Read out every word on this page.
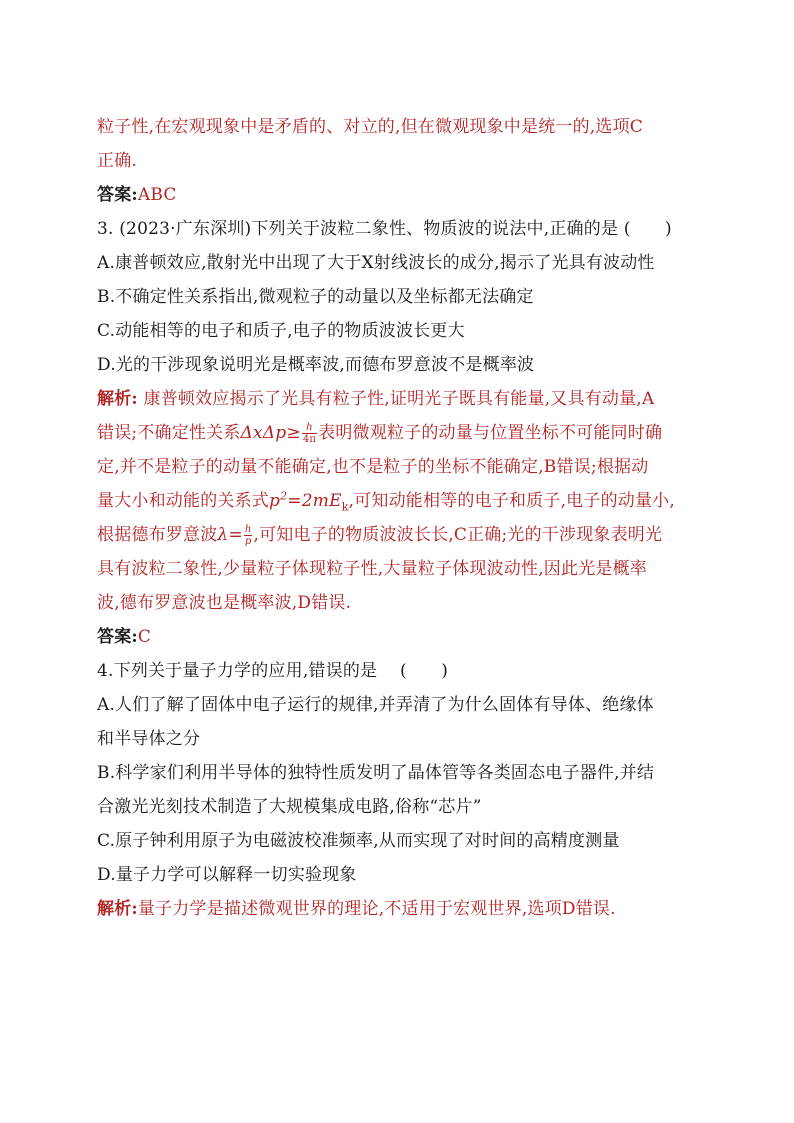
粒子性,在宏观现象中是矛盾的、对立的,但在微观现象中是统一的,选项C
正确.
答案:ABC
3. (2023·广东深圳)下列关于波粒二象性、物质波的说法中,正确的是 (　　)
A.康普顿效应,散射光中出现了大于X射线波长的成分,揭示了光具有波动性
B.不确定性关系指出,微观粒子的动量以及坐标都无法确定
C.动能相等的电子和质子,电子的物质波波长更大
D.光的干涉现象说明光是概率波,而德布罗意波不是概率波
解析: 康普顿效应揭示了光具有粒子性,证明光子既具有能量,又具有动量,A
错误;不确定性关系$\Delta x\Delta p\ge \frac{h}{4\pi}$ 表明微观粒子的动量与位置坐标不可能同时确
定,并不是粒子的动量不能确定,也不是粒子的坐标不能确定,B错误;根据动
量大小和动能的关系式$p^2=2mE_k$,可知动能相等的电子和质子,电子的动量小,
根据德布罗意波$\lambda= \frac{h}{p}$ ,可知电子的物质波波长长,C正确;光的干涉现象表明光
具有波粒二象性,少量粒子体现粒子性,大量粒子体现波动性,因此光是概率
波,德布罗意波也是概率波,D错误.
答案:C
4.下列关于量子力学的应用,错误的是 　(　　)
A.人们了解了固体中电子运行的规律,并弄清了为什么固体有导体、绝缘体
和半导体之分
B.科学家们利用半导体的独特性质发明了晶体管等各类固态电子器件,并结
合激光光刻技术制造了大规模集成电路,俗称“芯片”
C.原子钟利用原子为电磁波校准频率,从而实现了对时间的高精度测量
D.量子力学可以解释一切实验现象
解析:量子力学是描述微观世界的理论,不适用于宏观世界,选项D错误.
